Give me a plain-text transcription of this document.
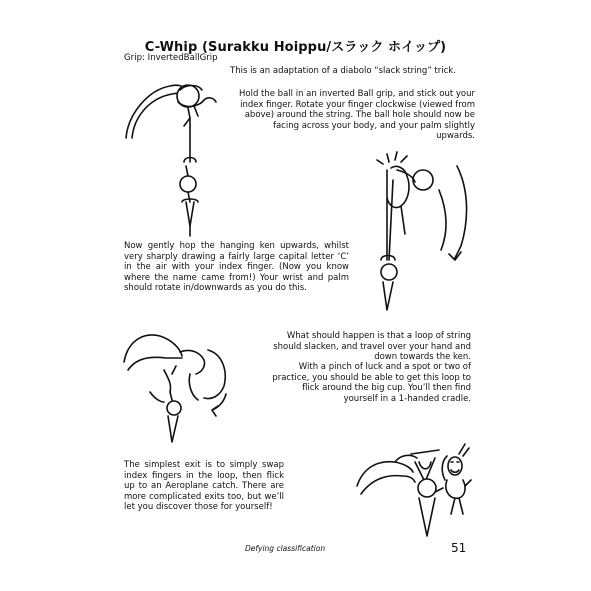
C-Whip (Surakku Hoippu/スラック ホイップ)
Grip: InvertedBallGrip

This is an adaptation of a diabolo “slack string” trick.

Hold the ball in an inverted Ball grip, and stick out your index finger. Rotate your finger clockwise (viewed from above) around the string. The ball hole should now be facing across your body, and your palm slightly upwards.

Now gently hop the hanging ken upwards, whilst very sharply drawing a fairly large capital letter ‘C’ in the air with your index finger. (Now you know where the name came from!) Your wrist and palm should rotate in/downwards as you do this.

What should happen is that a loop of string should slacken, and travel over your hand and down towards the ken.

With a pinch of luck and a spot or two of practice, you should be able to get this loop to flick around the big cup. You’ll then find yourself in a 1-handed cradle.

The simplest exit is to simply swap index fingers in the loop, then flick up to an Aeroplane catch. There are more complicated exits too, but we’ll let you discover those for yourself!

Defying classification	51
